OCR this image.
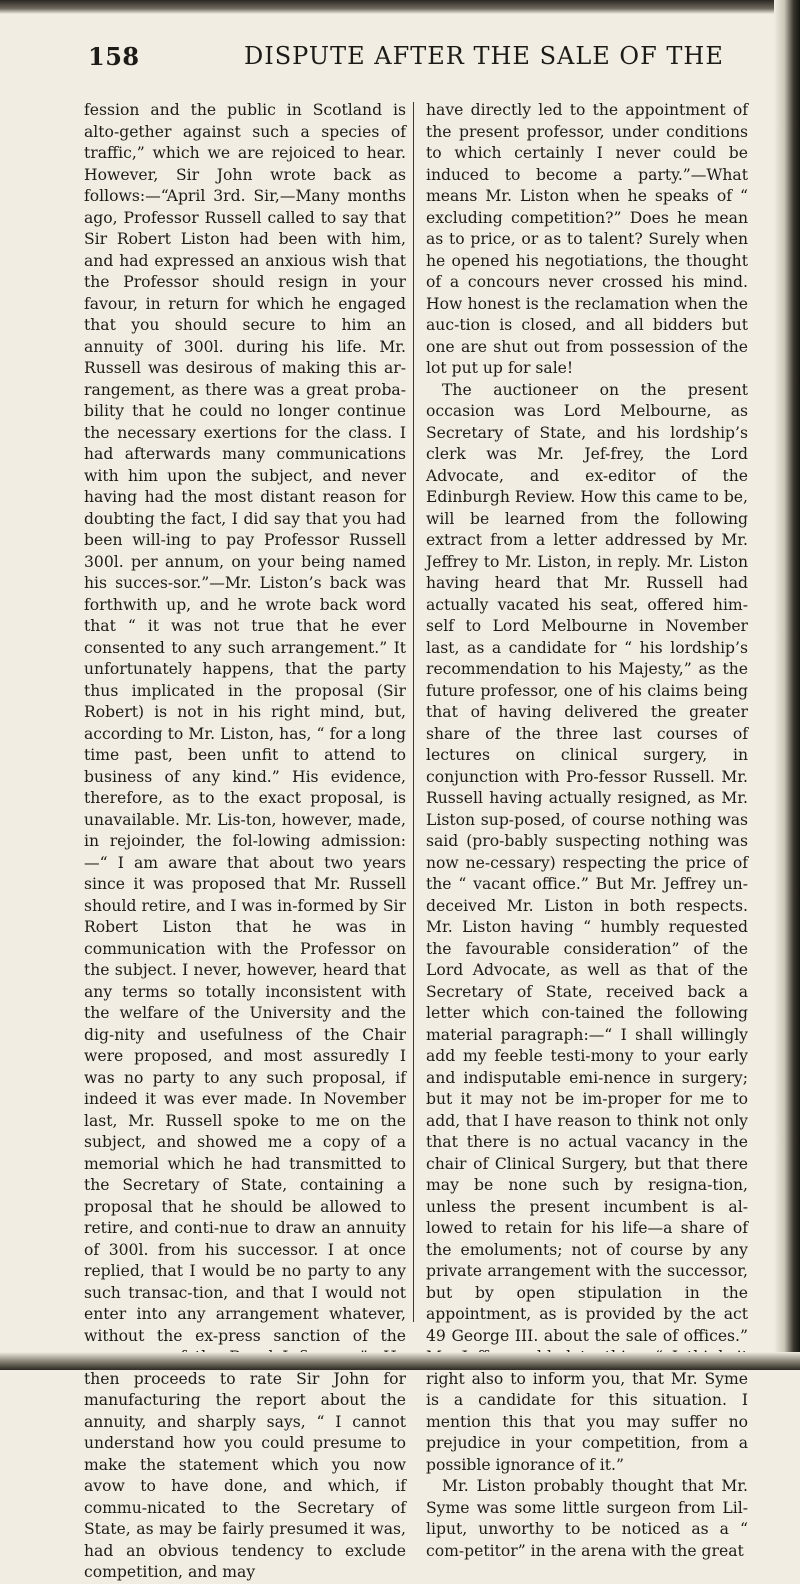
158	DISPUTE AFTER THE SALE OF THE

fession and the public in Scotland is alto-gether against such a species of traffic,” which we are rejoiced to hear. However, Sir John wrote back as follows:—“April 3rd. Sir,—Many months ago, Professor Russell called to say that Sir Robert Liston had been with him, and had expressed an anxious wish that the Professor should resign in your favour, in return for which he engaged that you should secure to him an annuity of 300l. during his life. Mr. Russell was desirous of making this ar-rangement, as there was a great proba-bility that he could no longer continue the necessary exertions for the class. I had afterwards many communications with him upon the subject, and never having had the most distant reason for doubting the fact, I did say that you had been will-ing to pay Professor Russell 300l. per annum, on your being named his succes-sor.”—Mr. Liston’s back was forthwith up, and he wrote back word that “ it was not true that he ever consented to any such arrangement.” It unfortunately happens, that the party thus implicated in the proposal (Sir Robert) is not in his right mind, but, according to Mr. Liston, has, “ for a long time past, been unfit to attend to business of any kind.” His evidence, therefore, as to the exact proposal, is unavailable. Mr. Lis-ton, however, made, in rejoinder, the fol-lowing admission:—“ I am aware that about two years since it was proposed that Mr. Russell should retire, and I was in-formed by Sir Robert Liston that he was in communication with the Professor on the subject. I never, however, heard that any terms so totally inconsistent with the welfare of the University and the dig-nity and usefulness of the Chair were proposed, and most assuredly I was no party to any such proposal, if indeed it was ever made. In November last, Mr. Russell spoke to me on the subject, and showed me a copy of a memorial which he had transmitted to the Secretary of State, containing a proposal that he should be allowed to retire, and conti-nue to draw an annuity of 300l. from his successor. I at once replied, that I would be no party to any such transac-tion, and that I would not enter into any arrangement whatever, without the ex-press sanction of the then proceeds to rate Sir John for manufacturing the report about the annuity, and sharply says, “ I cannot understand how you could presume to make the statement which you now avow to have done, and which, if commu-nicated to the Secretary of State, as may be fairly presumed it was, had an obvious tendency to exclude competition, and may

have directly led to the appointment of the present professor, under conditions to which certainly I never could be induced to become a party.”—What means Mr. Liston when he speaks of “ excluding competition?” Does he mean as to price, or as to talent? Surely when he opened his negotiations, the thought of a concours never crossed his mind. How honest is the reclamation when the auc-tion is closed, and all bidders but one are shut out from possession of the lot put up for sale!

The auctioneer on the present occasion was Lord Melbourne, as Secretary of State, and his lordship’s clerk was Mr. Jef-frey, the Lord Advocate, and ex-editor of the Edinburgh Review. How this came to be, will be learned from the following extract from a letter addressed by Mr. Jeffrey to Mr. Liston, in reply. Mr. Liston having heard that Mr. Russell had actually vacated his seat, offered him-self to Lord Melbourne in November last, as a candidate for “ his lordship’s recommendation to his Majesty,” as the future professor, one of his claims being that of having delivered the greater share of the three last courses of lectures on clinical surgery, in conjunction with Pro-fessor Russell. Mr. Russell having actually resigned, as Mr. Liston sup-posed, of course nothing was said (pro-bably suspecting nothing was now ne-cessary) respecting the price of the “ vacant office.” But Mr. Jeffrey un-deceived Mr. Liston in both respects. Mr. Liston having “ humbly requested the favourable consideration” of the Lord Advocate, as well as that of the Secretary of State, received back a letter which con-tained the following material paragraph:—“ I shall willingly add my feeble testi-mony to your early and indisputable emi-nence in surgery; but it may not be im-proper for me to add, that I have reason to think not only that there is no actual vacancy in the chair of Clinical Surgery, but that there may be none such by resigna-tion, unless the present incumbent is al-lowed to retain for his life—a share of the emoluments; not of course by any private arrangement with the successor, but by open stipulation in the appointment, as is provided by the act 49 George III. about the sale of offices.” right also to inform you, that Mr. Syme is a candidate for this situation. I mention this that you may suffer no prejudice in your competition, from a possible ignorance of it.”

Mr. Liston probably thought that Mr. Syme was some little surgeon from Lil-liput, unworthy to be noticed as a “ com-petitor” in the arena with the great
